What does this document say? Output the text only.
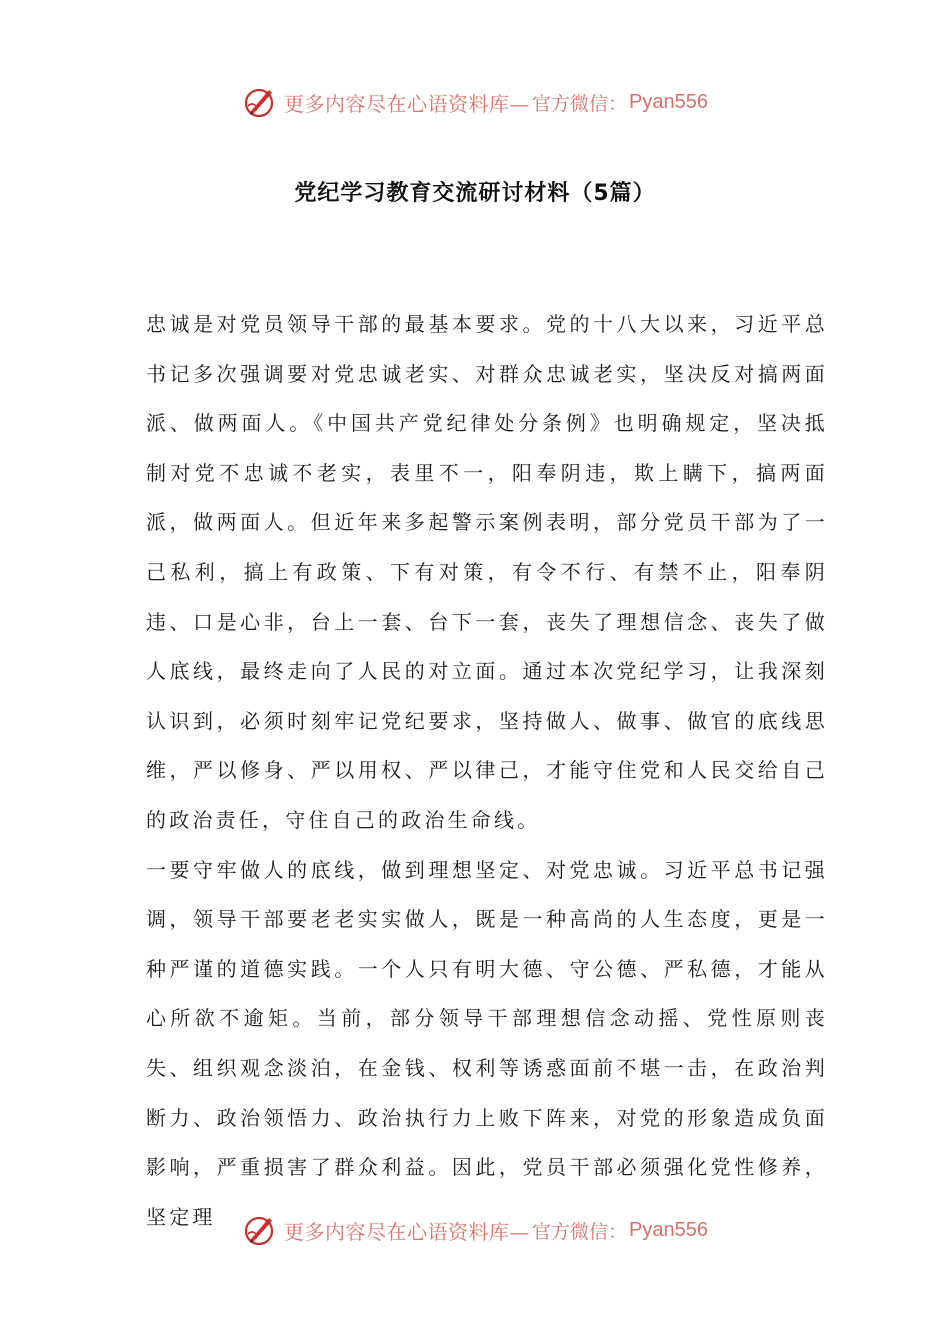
更多内容尽在心语资料库— 官方微信： Pyan556
党纪学习教育交流研讨材料（5篇）

忠诚是对党员领导干部的最基本要求。党的十八大以来，习近平总书记多次强调要对党忠诚老实、对群众忠诚老实，坚决反对搞两面派、做两面人。《中国共产党纪律处分条例》也明确规定，坚决抵制对党不忠诚不老实，表里不一，阳奉阴违，欺上瞒下，搞两面派，做两面人。但近年来多起警示案例表明，部分党员干部为了一己私利，搞上有政策、下有对策，有令不行、有禁不止，阳奉阴违、口是心非，台上一套、台下一套，丧失了理想信念、丧失了做人底线，最终走向了人民的对立面。通过本次党纪学习，让我深刻认识到，必须时刻牢记党纪要求，坚持做人、做事、做官的底线思维，严以修身、严以用权、严以律己，才能守住党和人民交给自己的政治责任，守住自己的政治生命线。

一要守牢做人的底线，做到理想坚定、对党忠诚。习近平总书记强调，领导干部要老老实实做人，既是一种高尚的人生态度，更是一种严谨的道德实践。一个人只有明大德、守公德、严私德，才能从心所欲不逾矩。当前，部分领导干部理想信念动摇、党性原则丧失、组织观念淡泊，在金钱、权利等诱惑面前不堪一击，在政治判断力、政治领悟力、政治执行力上败下阵来，对党的形象造成负面影响，严重损害了群众利益。因此，党员干部必须强化党性修养，坚定理

更多内容尽在心语资料库— 官方微信： Pyan556
